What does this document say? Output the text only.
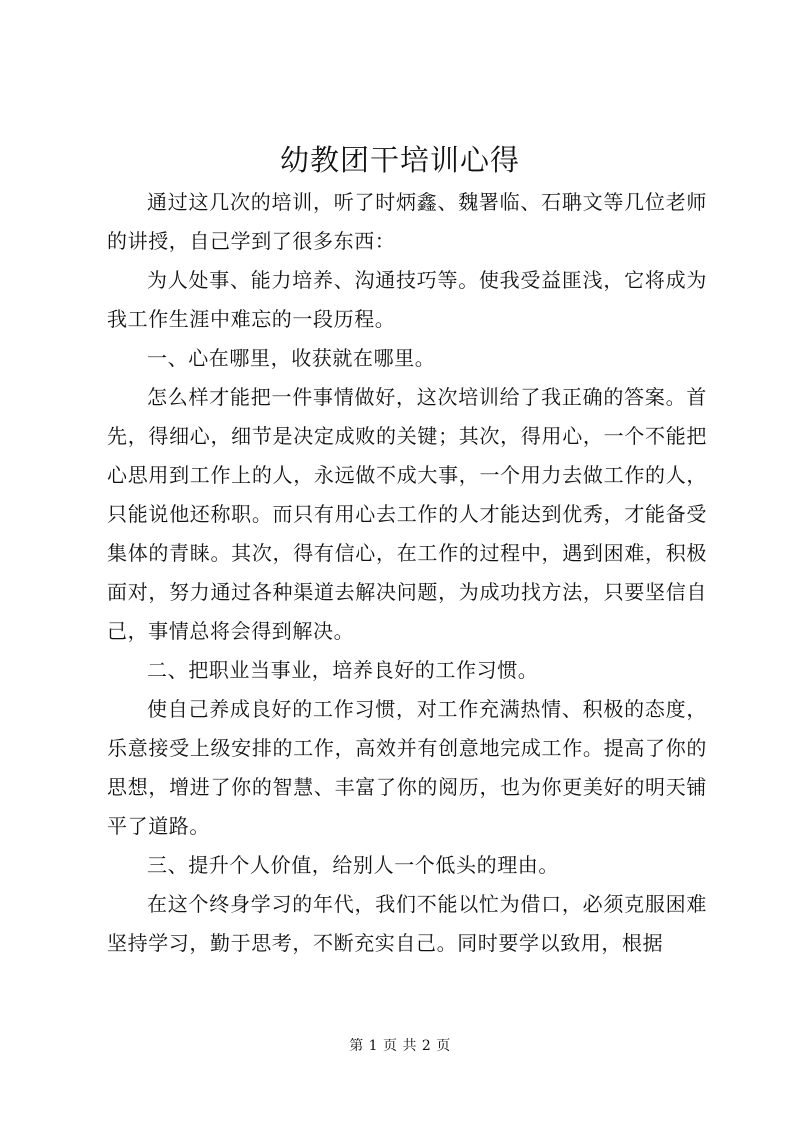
幼教团干培训心得

通过这几次的培训，听了时炳鑫、魏署临、石聃文等几位老师的讲授，自己学到了很多东西：

为人处事、能力培养、沟通技巧等。使我受益匪浅，它将成为我工作生涯中难忘的一段历程。

一、心在哪里，收获就在哪里。

怎么样才能把一件事情做好，这次培训给了我正确的答案。首先，得细心，细节是决定成败的关键；其次，得用心，一个不能把心思用到工作上的人，永远做不成大事，一个用力去做工作的人，只能说他还称职。而只有用心去工作的人才能达到优秀，才能备受集体的青睐。其次，得有信心，在工作的过程中，遇到困难，积极面对，努力通过各种渠道去解决问题，为成功找方法，只要坚信自己，事情总将会得到解决。

二、把职业当事业，培养良好的工作习惯。

使自己养成良好的工作习惯，对工作充满热情、积极的态度，乐意接受上级安排的工作，高效并有创意地完成工作。提高了你的思想，增进了你的智慧、丰富了你的阅历，也为你更美好的明天铺平了道路。

三、提升个人价值，给别人一个低头的理由。

在这个终身学习的年代，我们不能以忙为借口，必须克服困难坚持学习，勤于思考，不断充实自己。同时要学以致用，根据

第 1 页 共 2 页
